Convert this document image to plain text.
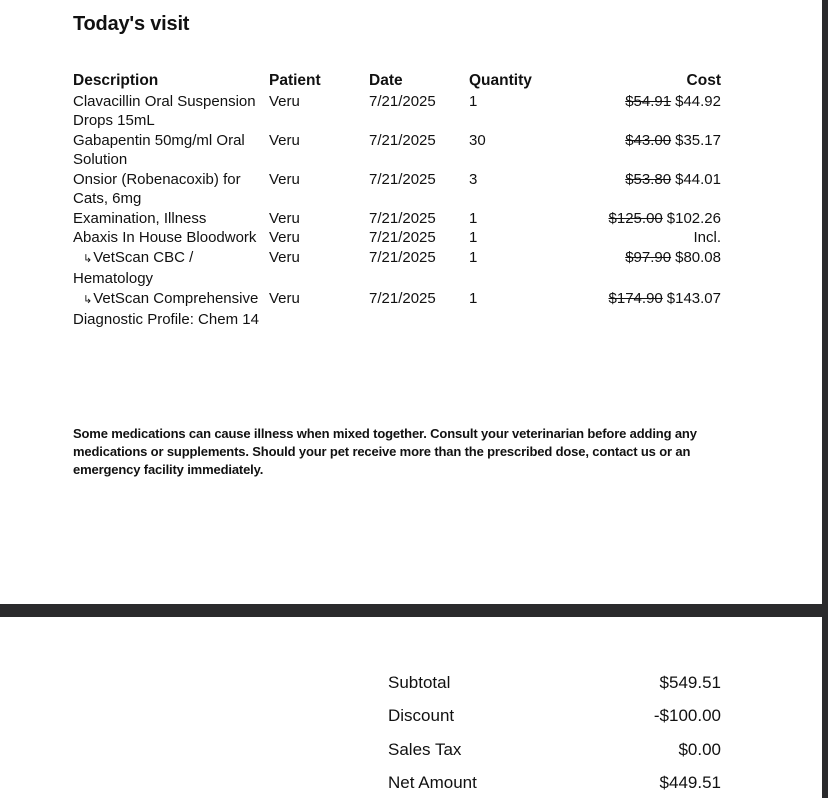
Today's visit
Description	Patient	Date	Quantity	Cost
Clavacillin Oral Suspension Drops 15mL	Veru	7/21/2025	1	$54.91 $44.92
Gabapentin 50mg/ml Oral Solution	Veru	7/21/2025	30	$43.00 $35.17
Onsior (Robenacoxib) for Cats, 6mg	Veru	7/21/2025	3	$53.80 $44.01
Examination, Illness	Veru	7/21/2025	1	$125.00 $102.26
Abaxis In House Bloodwork	Veru	7/21/2025	1	Incl.
↳VetScan CBC / Hematology	Veru	7/21/2025	1	$97.90 $80.08
↳VetScan Comprehensive Diagnostic Profile: Chem 14	Veru	7/21/2025	1	$174.90 $143.07
Some medications can cause illness when mixed together. Consult your veterinarian before adding any medications or supplements. Should your pet receive more than the prescribed dose, contact us or an emergency facility immediately.
Subtotal	$549.51
Discount	-$100.00
Sales Tax	$0.00
Net Amount	$449.51
